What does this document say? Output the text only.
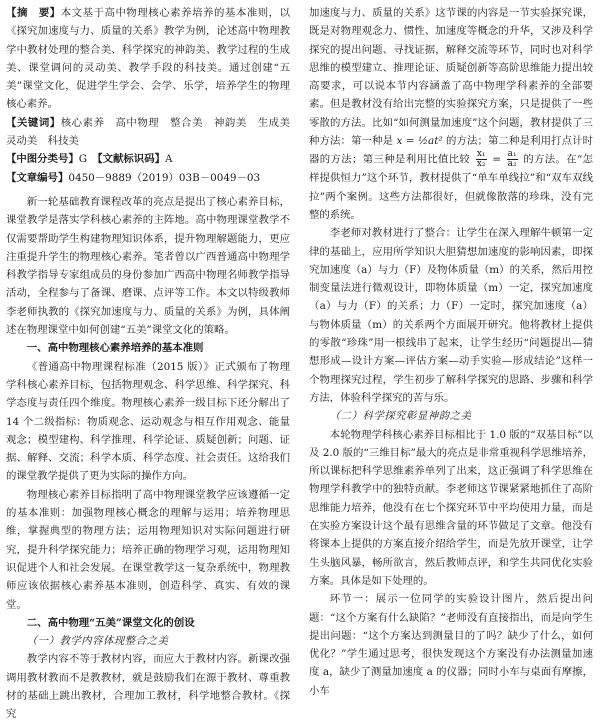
【摘　要】本文基于高中物理核心素养培养的基本准则，以《探究加速度与力、质量的关系》教学为例，论述高中物理教学中教材处理的整合美、科学探究的神韵美、教学过程的生成美、课堂调问的灵动美、教学手段的科技美。通过创建“五美”课堂文化，促进学生学会、会学、乐学，培养学生的物理核心素养。

【关键词】核心素养　高中物理　整合美　神韵美　生成美　灵动美　科技美

【中图分类号】G　 【文献标识码】A

【文章编号】0450－9889（2019）03B－0049－03

新一轮基础教育课程改革的亮点是提出了核心素养目标，课堂教学是落实学科核心素养的主阵地。高中物理课堂教学不仅需要帮助学生构建物理知识体系，提升物理解题能力，更应注重提升学生的物理核心素养。笔者曾以广西普通高中物理学科教学指导专家组成员的身份参加广西高中物理名师教学指导活动，全程参与了备课、磨课、点评等工作。本文以特级教师李老师执教的《探究加速度与力、质量的关系》为例，具体阐述在物理课堂中如何创建“五美”课堂文化的策略。

一、高中物理核心素养培养的基本准则

《普通高中物理课程标准（2015 版）》正式颁布了物理学科核心素养目标，包括物理观念、科学思维、科学探究、科学态度与责任四个维度。物理核心素养一级目标下还分解出了 14 个二级指标：物质观念、运动观念与相互作用观念、能量观念；模型建构、科学推理、科学论证、质疑创新；问题、证据、解释、交流；科学本质、科学态度、社会责任。这给我们的课堂教学提供了更为实际的操作方向。

物理核心素养目标指明了高中物理课堂教学应该遵循一定的基本准则：加强物理核心概念的理解与运用；培养物理思维，掌握典型的物理方法；运用物理知识对实际问题进行研究，提升科学探究能力；培养正确的物理学习观，运用物理知识促进个人和社会发展。在课堂教学这一复杂系统中，物理教师应该依据核心素养基本准则，创造科学、真实、有效的课堂。

二、高中物理“五美”课堂文化的创设

（一）教学内容体现整合之美

教学内容不等于教材内容，而应大于教材内容。新课改强调用教材教而不是教教材，就是鼓励我们在源于教材、尊重教材的基础上跳出教材，合理加工教材，科学地整合教材。《探究

加速度与力、质量的关系》这节课的内容是一节实验探究课，既是对物理观念力、惯性、加速度等概念的升华，又涉及科学探究的提出问题、寻找证据，解释交流等环节，同时也对科学思维的模型建立、推理论证、质疑创新等高阶思维能力提出较高要求，可以说本节内容涵盖了高中物理学科素养的全部要素。但是教材没有给出完整的实验探究方案，只是提供了一些零散的方法。比如“如何测量加速度”这个问题，教材提供了三种方法：第一种是 x = ½at² 的方法；第二种是利用打点计时器的方法；第三种是利用比值比较 $\frac{\text{x₁}}{\text{x₂}} = \frac{\text{a₁}}{\text{a₂}}$ 的方法。在“怎样提供恒力”这个环节，教材提供了“单车单线拉”和“双车双线拉”两个案例。这些方法都很好，但就像散落的珍珠，没有完整的系统。

李老师对教材进行了整合：让学生在深入理解牛顿第一定律的基础上，应用所学知识大胆猜想加速度的影响因素，即探究加速度（a）与力（F）及物体质量（m）的关系，然后用控制变量法进行微观设计，即物体质量（m）一定，探究加速度（a）与力（F）的关系；力（F）一定时，探究加速度（a）与物体质量（m）的关系两个方面展开研究。他将教材上提供的零散“珍珠”用一根线串了起来，让学生经历“问题提出—猜想形成—设计方案—评估方案—动手实验—形成结论”这样一个物理探究过程，学生初步了解科学探究的思路、步骤和科学方法，体验科学探究的苦与乐。

（二）科学探究彰显神韵之美

本轮物理学科核心素养目标相比于 1.0 版的“双基目标”以及 2.0 版的“三维目标”最大的亮点是非常重视科学思维培养，所以课标把科学思维素养单列了出来，这正强调了科学思维在物理学科教学中的独特贡献。李老师这节课紧紧地抓住了高阶思维能力培养，他没有在七个探究环节中平均使用力量，而是在实验方案设计这个最有思维含量的环节做足了文章。他没有将课本上提供的方案直接介绍给学生，而是先放开课堂，让学生头脑风暴，畅所欲言，然后教师点评，和学生共同优化实验方案。具体是如下处理的。

环节一：展示一位同学的实验设计图片，然后提出问题：“这个方案有什么缺陷？”老师没有直接指出，而是向学生提出问题：“这个方案达到测量目的了吗？缺少了什么，如何优化？”学生通过思考，很快发现这个方案没有办法测量加速度 a，缺少了测量加速度 a 的仪器；同时小车与桌面有摩擦，小车
